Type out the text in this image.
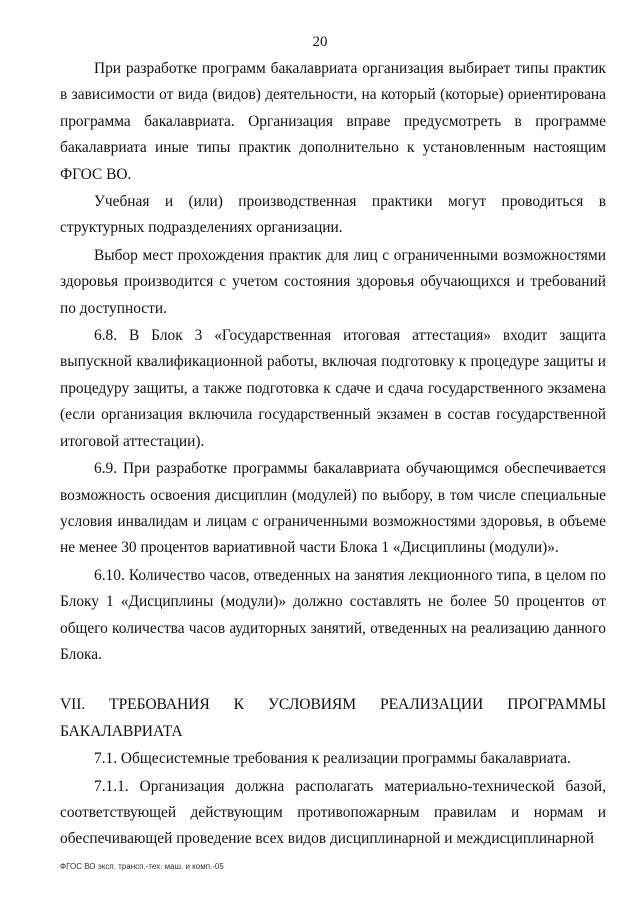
20

При разработке программ бакалавриата организация выбирает типы практик в зависимости от вида (видов) деятельности, на который (которые) ориентирована программа бакалавриата. Организация вправе предусмотреть в программе бакалавриата иные типы практик дополнительно к установленным настоящим ФГОС ВО.

Учебная и (или) производственная практики могут проводиться в структурных подразделениях организации.

Выбор мест прохождения практик для лиц с ограниченными возможностями здоровья производится с учетом состояния здоровья обучающихся и требований по доступности.

6.8. В Блок 3 «Государственная итоговая аттестация» входит защита выпускной квалификационной работы, включая подготовку к процедуре защиты и процедуру защиты, а также подготовка к сдаче и сдача государственного экзамена (если организация включила государственный экзамен в состав государственной итоговой аттестации).

6.9. При разработке программы бакалавриата обучающимся обеспечивается возможность освоения дисциплин (модулей) по выбору, в том числе специальные условия инвалидам и лицам с ограниченными возможностями здоровья, в объеме не менее 30 процентов вариативной части Блока 1 «Дисциплины (модули)».

6.10. Количество часов, отведенных на занятия лекционного типа, в целом по Блоку 1 «Дисциплины (модули)» должно составлять не более 50 процентов от общего количества часов аудиторных занятий, отведенных на реализацию данного Блока.

VII. ТРЕБОВАНИЯ К УСЛОВИЯМ РЕАЛИЗАЦИИ ПРОГРАММЫ БАКАЛАВРИАТА

7.1. Общесистемные требования к реализации программы бакалавриата.

7.1.1. Организация должна располагать материально-технической базой, соответствующей действующим противопожарным правилам и нормам и обеспечивающей проведение всех видов дисциплинарной и междисциплинарной

ФГОС ВО эксп. трансп.-тех. маш. и комп.-05
